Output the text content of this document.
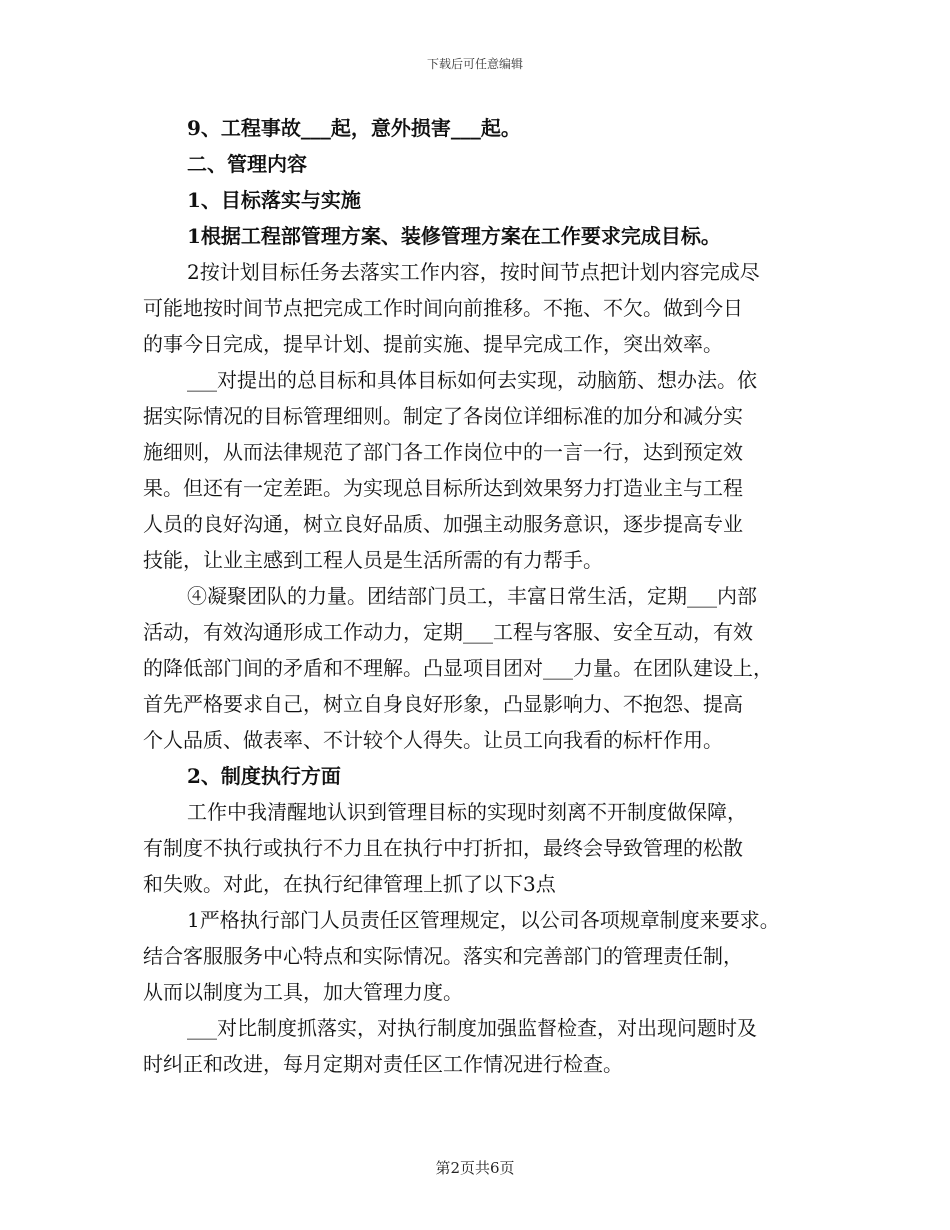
下载后可任意编辑

9、工程事故___起，意外损害___起。

二、管理内容

1、目标落实与实施

1根据工程部管理方案、装修管理方案在工作要求完成目标。

2按计划目标任务去落实工作内容，按时间节点把计划内容完成尽

可能地按时间节点把完成工作时间向前推移。不拖、不欠。做到今日

的事今日完成，提早计划、提前实施、提早完成工作，突出效率。

___对提出的总目标和具体目标如何去实现，动脑筋、想办法。依

据实际情况的目标管理细则。制定了各岗位详细标准的加分和减分实

施细则，从而法律规范了部门各工作岗位中的一言一行，达到预定效

果。但还有一定差距。为实现总目标所达到效果努力打造业主与工程

人员的良好沟通，树立良好品质、加强主动服务意识，逐步提高专业

技能，让业主感到工程人员是生活所需的有力帮手。

④凝聚团队的力量。团结部门员工，丰富日常生活，定期___内部

活动，有效沟通形成工作动力，定期___工程与客服、安全互动，有效

的降低部门间的矛盾和不理解。凸显项目团对___力量。在团队建设上，

首先严格要求自己，树立自身良好形象，凸显影响力、不抱怨、提高

个人品质、做表率、不计较个人得失。让员工向我看的标杆作用。

2、制度执行方面

工作中我清醒地认识到管理目标的实现时刻离不开制度做保障，

有制度不执行或执行不力且在执行中打折扣，最终会导致管理的松散

和失败。对此，在执行纪律管理上抓了以下3点

1严格执行部门人员责任区管理规定，以公司各项规章制度来要求。

结合客服服务中心特点和实际情况。落实和完善部门的管理责任制，

从而以制度为工具，加大管理力度。

___对比制度抓落实，对执行制度加强监督检查，对出现问题时及

时纠正和改进，每月定期对责任区工作情况进行检查。

第2页共6页
